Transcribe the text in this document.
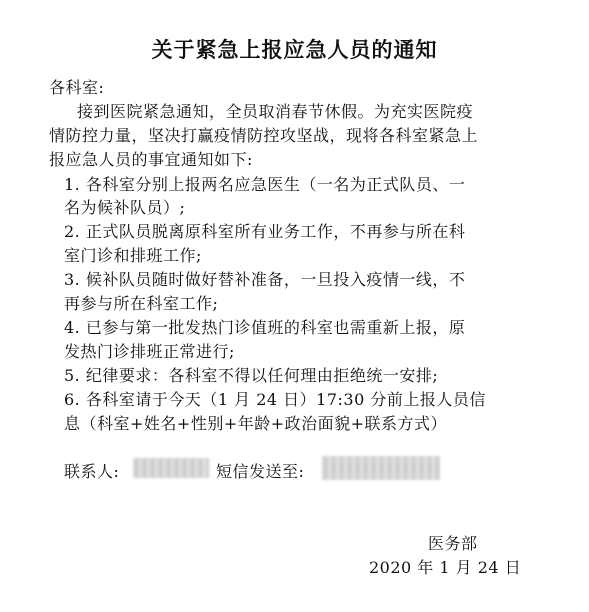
关于紧急上报应急人员的通知
各科室:
接到医院紧急通知，全员取消春节休假。为充实医院疫
情防控力量，坚决打赢疫情防控攻坚战，现将各科室紧急上
报应急人员的事宜通知如下:
1. 各科室分别上报两名应急医生（一名为正式队员、一
名为候补队员）;
2. 正式队员脱离原科室所有业务工作，不再参与所在科
室门诊和排班工作;
3. 候补队员随时做好替补准备，一旦投入疫情一线，不
再参与所在科室工作;
4. 已参与第一批发热门诊值班的科室也需重新上报，原
发热门诊排班正常进行;
5. 纪律要求：各科室不得以任何理由拒绝统一安排;
6. 各科室请于今天（1 月 24 日）17:30 分前上报人员信
息（科室+姓名+性别+年龄+政治面貌+联系方式）
联系人:	短信发送至:
医务部
2020 年 1 月 24 日
